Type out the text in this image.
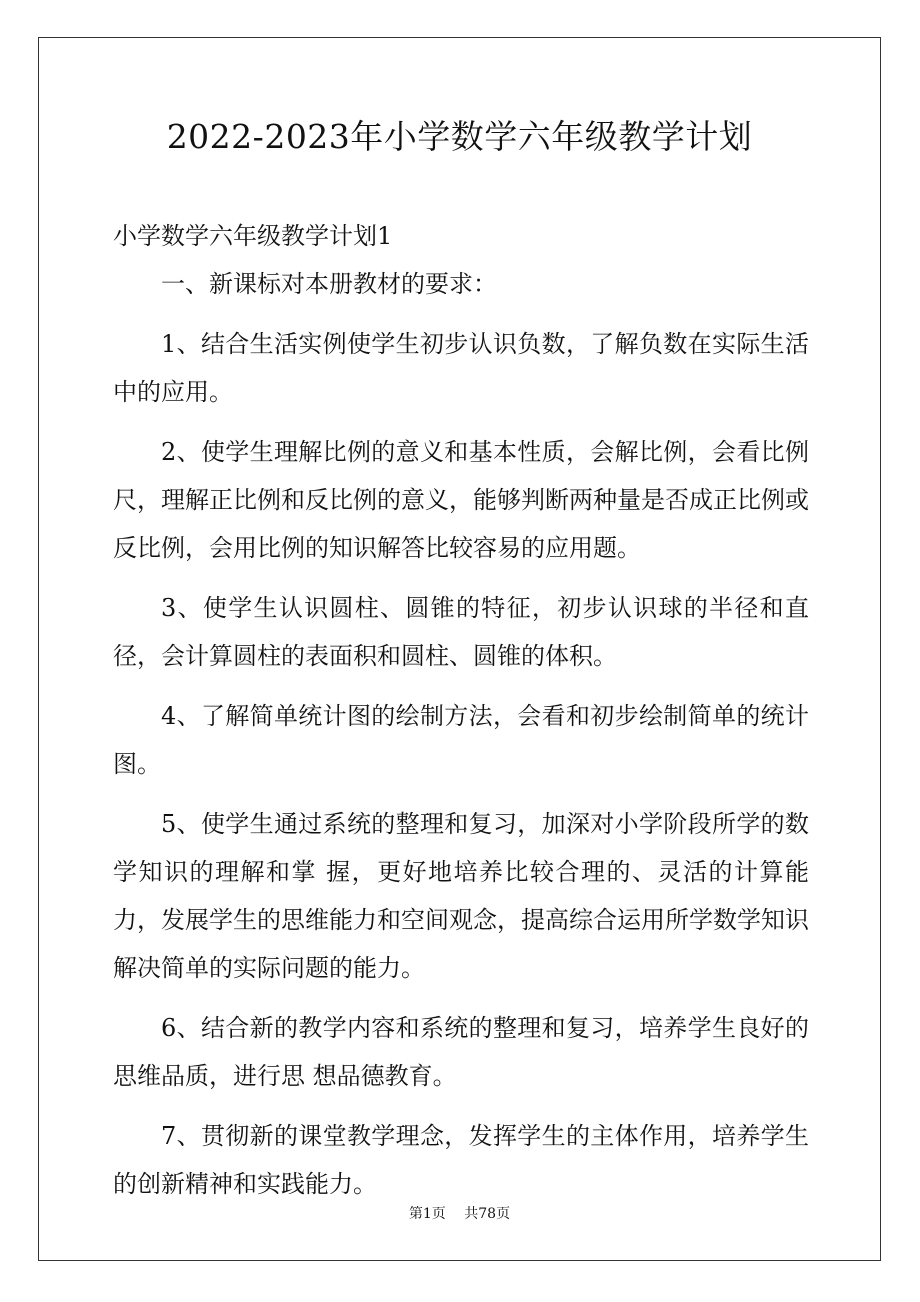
2022-2023年小学数学六年级教学计划

小学数学六年级教学计划1

一、新课标对本册教材的要求：

1、结合生活实例使学生初步认识负数，了解负数在实际生活中的应用。

2、使学生理解比例的意义和基本性质，会解比例，会看比例尺，理解正比例和反比例的意义，能够判断两种量是否成正比例或反比例，会用比例的知识解答比较容易的应用题。

3、使学生认识圆柱、圆锥的特征，初步认识球的半径和直径，会计算圆柱的表面积和圆柱、圆锥的体积。

4、了解简单统计图的绘制方法，会看和初步绘制简单的统计图。

5、使学生通过系统的整理和复习，加深对小学阶段所学的数学知识的理解和掌 握，更好地培养比较合理的、灵活的计算能力，发展学生的思维能力和空间观念，提高综合运用所学数学知识解决简单的实际问题的能力。

6、结合新的教学内容和系统的整理和复习，培养学生良好的思维品质，进行思 想品德教育。

7、贯彻新的课堂教学理念，发挥学生的主体作用，培养学生的创新精神和实践能力。

第1页 共78页
